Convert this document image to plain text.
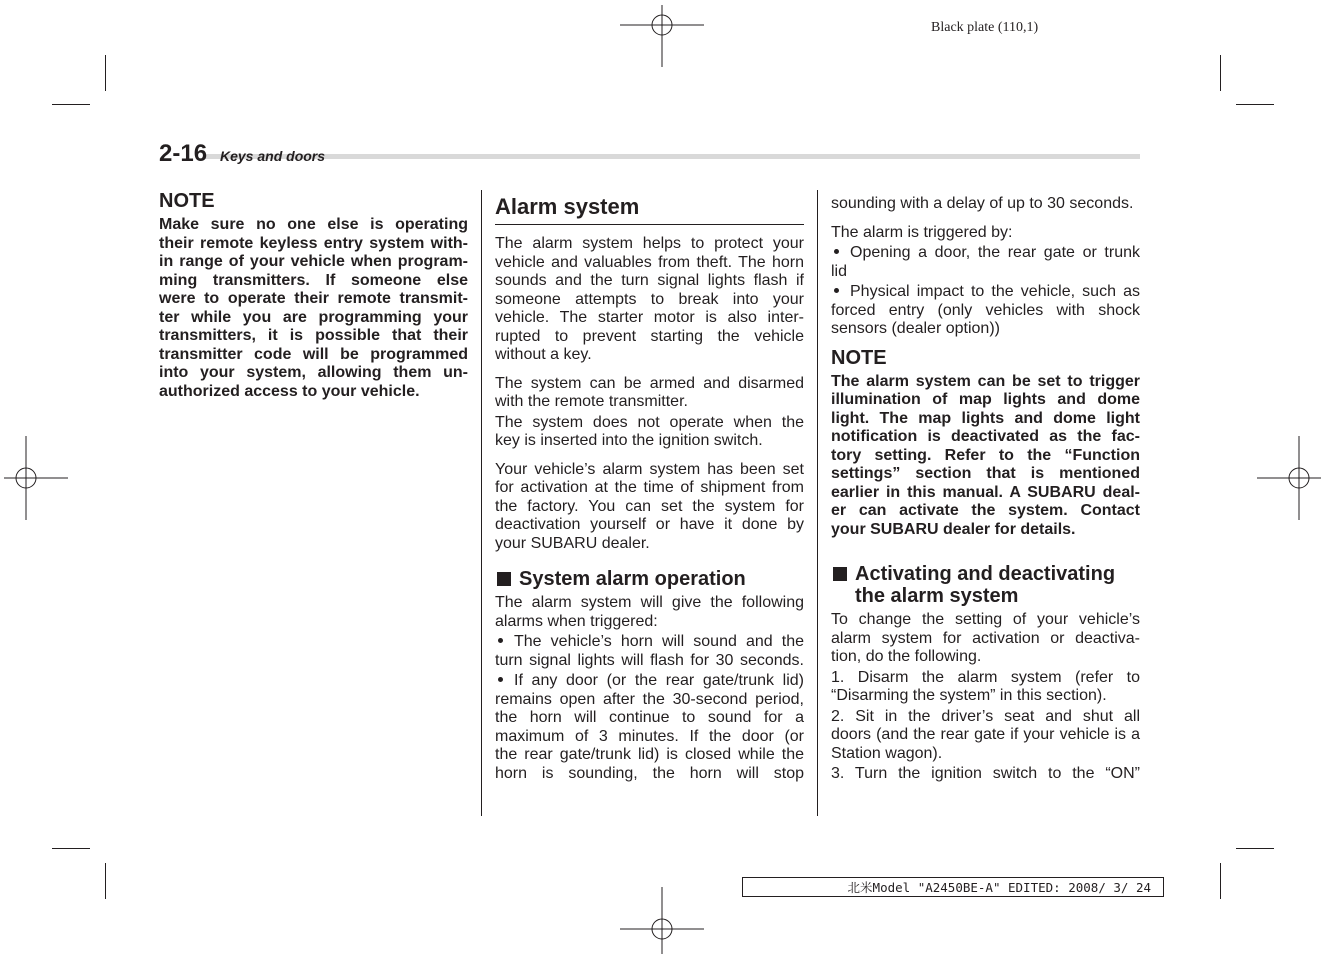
Black plate (110,1)
2-16 Keys and doors
NOTE
Make sure no one else is operating
their remote keyless entry system with-
in range of your vehicle when program-
ming transmitters. If someone else
were to operate their remote transmit-
ter while you are programming your
transmitters, it is possible that their
transmitter code will be programmed
into your system, allowing them un-
authorized access to your vehicle.
Alarm system
The alarm system helps to protect your
vehicle and valuables from theft. The horn
sounds and the turn signal lights flash if
someone attempts to break into your
vehicle. The starter motor is also inter-
rupted to prevent starting the vehicle
without a key.
The system can be armed and disarmed
with the remote transmitter.
The system does not operate when the
key is inserted into the ignition switch.
Your vehicle’s alarm system has been set
for activation at the time of shipment from
the factory. You can set the system for
deactivation yourself or have it done by
your SUBARU dealer.
System alarm operation
The alarm system will give the following
alarms when triggered:
The vehicle’s horn will sound and the
turn signal lights will flash for 30 seconds.
If any door (or the rear gate/trunk lid)
remains open after the 30-second period,
the horn will continue to sound for a
maximum of 3 minutes. If the door (or
the rear gate/trunk lid) is closed while the
horn is sounding, the horn will stop
sounding with a delay of up to 30 seconds.
The alarm is triggered by:
Opening a door, the rear gate or trunk
lid
Physical impact to the vehicle, such as
forced entry (only vehicles with shock
sensors (dealer option))
NOTE
The alarm system can be set to trigger
illumination of map lights and dome
light. The map lights and dome light
notification is deactivated as the fac-
tory setting. Refer to the “Function
settings” section that is mentioned
earlier in this manual. A SUBARU deal-
er can activate the system. Contact
your SUBARU dealer for details.
Activating and deactivating
the alarm system
To change the setting of your vehicle’s
alarm system for activation or deactiva-
tion, do the following.
1. Disarm the alarm system (refer to
“Disarming the system” in this section).
2. Sit in the driver’s seat and shut all
doors (and the rear gate if your vehicle is a
Station wagon).
3. Turn the ignition switch to the “ON”
北米Model "A2450BE-A" EDITED: 2008/ 3/ 24
